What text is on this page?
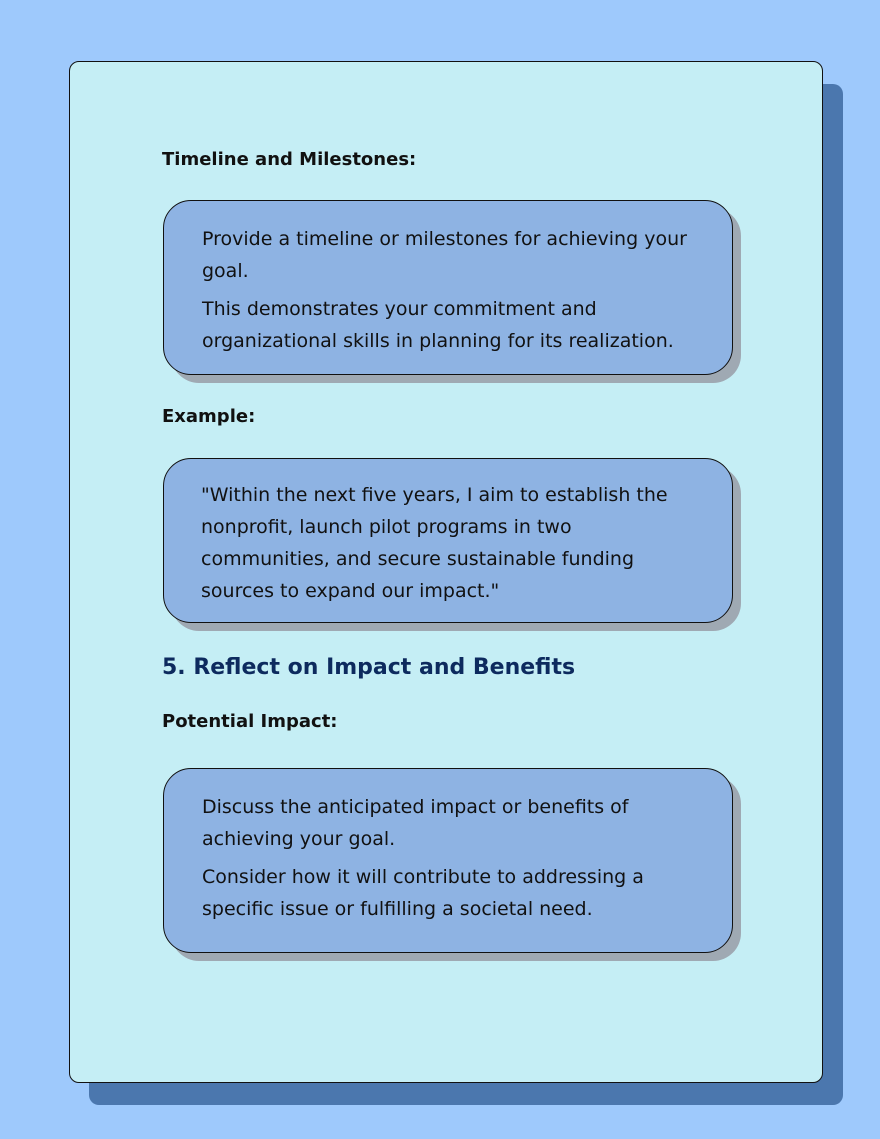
Timeline and Milestones:

Provide a timeline or milestones for achieving your goal.

This demonstrates your commitment and organizational skills in planning for its realization.

Example:

"Within the next five years, I aim to establish the nonprofit, launch pilot programs in two communities, and secure sustainable funding sources to expand our impact."

5. Reflect on Impact and Benefits
Potential Impact:

Discuss the anticipated impact or benefits of achieving your goal.

Consider how it will contribute to addressing a specific issue or fulfilling a societal need.
